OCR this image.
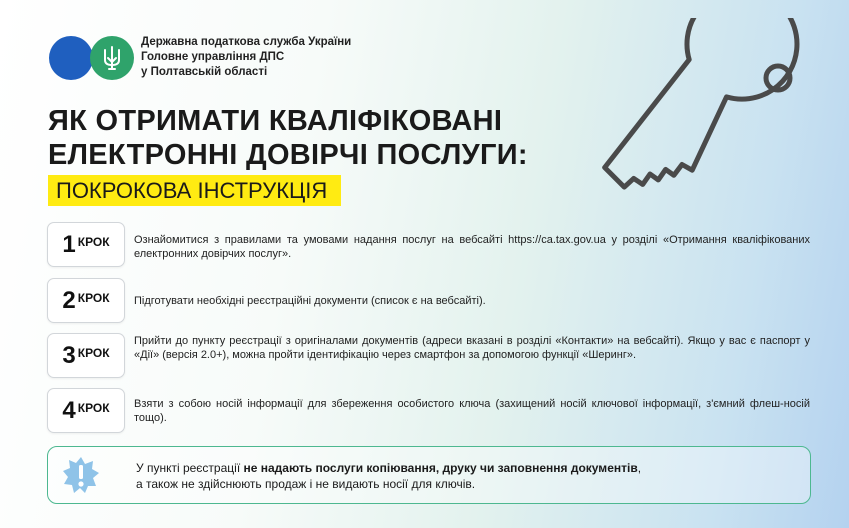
Державна податкова служба України
Головне управління ДПС
у Полтавській області
ЯК ОТРИМАТИ КВАЛІФІКОВАНІ
ЕЛЕКТРОННІ ДОВІРЧІ ПОСЛУГИ:
ПОКРОКОВА ІНСТРУКЦІЯ
1 КРОК Ознайомитися з правилами та умовами надання послуг на вебсайті https://ca.tax.gov.ua у розділі «Отримання кваліфікованих електронних довірчих послуг».
2 КРОК Підготувати необхідні реєстраційні документи (список є на вебсайті).
3 КРОК
Прийти до пункту реєстрації з оригіналами документів (адреси вказані в розділі «Контакти» на вебсайті). Якщо у вас є паспорт у «Дії» (версія 2.0+), можна пройти ідентифікацію через смартфон за допомогою функції «Шеринг».
4 КРОК Взяти з собою носій інформації для збереження особистого ключа (захищений носій ключової інформації, з'ємний флеш-носій тощо).
У пункті реєстрації не надають послуги копіювання, друку чи заповнення документів,
а також не здійснюють продаж і не видають носії для ключів.
